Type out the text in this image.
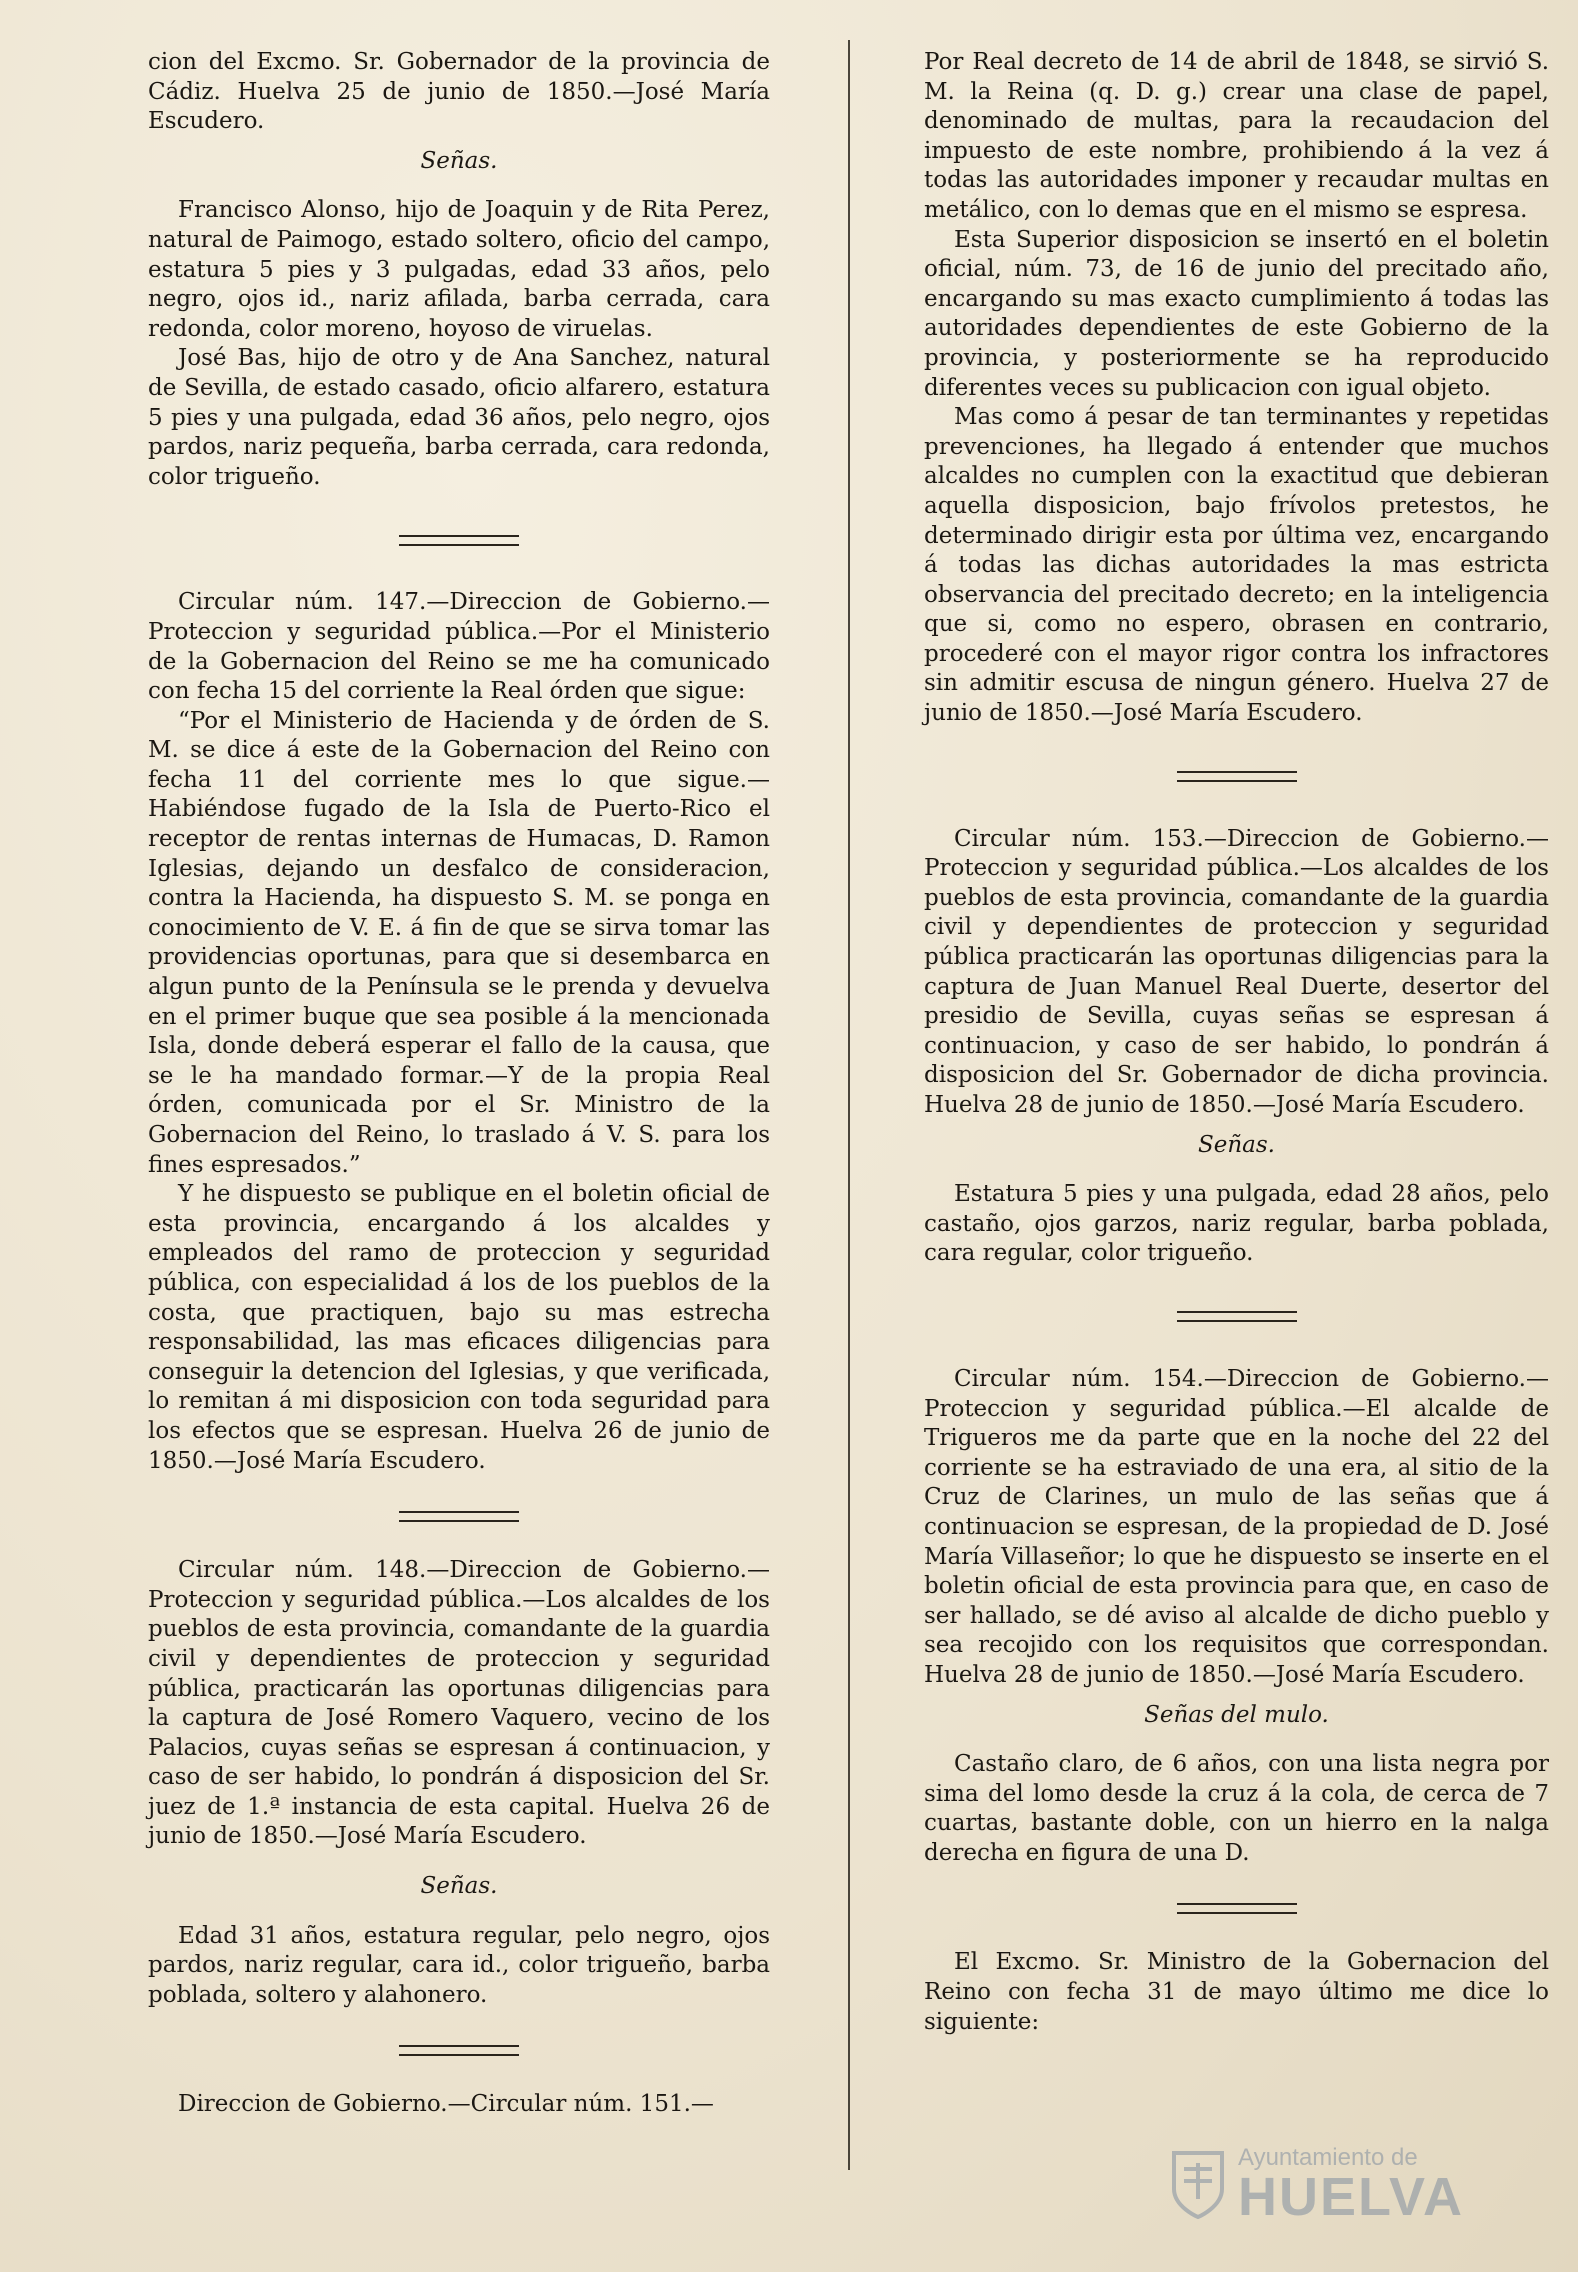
cion del Excmo. Sr. Gobernador de la provincia de Cádiz. Huelva 25 de junio de 1850.—José María Escudero.

Señas.

Francisco Alonso, hijo de Joaquin y de Rita Perez, natural de Paimogo, estado soltero, oficio del campo, estatura 5 pies y 3 pulgadas, edad 33 años, pelo negro, ojos id., nariz afilada, barba cerrada, cara redonda, color moreno, hoyoso de viruelas.

José Bas, hijo de otro y de Ana Sanchez, natural de Sevilla, de estado casado, oficio alfarero, estatura 5 pies y una pulgada, edad 36 años, pelo negro, ojos pardos, nariz pequeña, barba cerrada, cara redonda, color trigueño.

Circular núm. 147.—Direccion de Gobierno.—Proteccion y seguridad pública.—Por el Ministerio de la Gobernacion del Reino se me ha comunicado con fecha 15 del corriente la Real órden que sigue:

“Por el Ministerio de Hacienda y de órden de S. M. se dice á este de la Gobernacion del Reino con fecha 11 del corriente mes lo que sigue.—Habiéndose fugado de la Isla de Puerto-Rico el receptor de rentas internas de Humacas, D. Ramon Iglesias, dejando un desfalco de consideracion, contra la Hacienda, ha dispuesto S. M. se ponga en conocimiento de V. E. á fin de que se sirva tomar las providencias oportunas, para que si desembarca en algun punto de la Península se le prenda y devuelva en el primer buque que sea posible á la mencionada Isla, donde deberá esperar el fallo de la causa, que se le ha mandado formar.—Y de la propia Real órden, comunicada por el Sr. Ministro de la Gobernacion del Reino, lo traslado á V. S. para los fines espresados.”

Y he dispuesto se publique en el boletin oficial de esta provincia, encargando á los alcaldes y empleados del ramo de proteccion y seguridad pública, con especialidad á los de los pueblos de la costa, que practiquen, bajo su mas estrecha responsabilidad, las mas eficaces diligencias para conseguir la detencion del Iglesias, y que verificada, lo remitan á mi disposicion con toda seguridad para los efectos que se espresan. Huelva 26 de junio de 1850.—José María Escudero.

Circular núm. 148.—Direccion de Gobierno.—Proteccion y seguridad pública.—Los alcaldes de los pueblos de esta provincia, comandante de la guardia civil y dependientes de proteccion y seguridad pública, practicarán las oportunas diligencias para la captura de José Romero Vaquero, vecino de los Palacios, cuyas señas se espresan á continuacion, y caso de ser habido, lo pondrán á disposicion del Sr. juez de 1.ª instancia de esta capital. Huelva 26 de junio de 1850.—José María Escudero.

Señas.

Edad 31 años, estatura regular, pelo negro, ojos pardos, nariz regular, cara id., color trigueño, barba poblada, soltero y alahonero.

Direccion de Gobierno.—Circular núm. 151.—

Por Real decreto de 14 de abril de 1848, se sirvió S. M. la Reina (q. D. g.) crear una clase de papel, denominado de multas, para la recaudacion del impuesto de este nombre, prohibiendo á la vez á todas las autoridades imponer y recaudar multas en metálico, con lo demas que en el mismo se espresa.

Esta Superior disposicion se insertó en el boletin oficial, núm. 73, de 16 de junio del precitado año, encargando su mas exacto cumplimiento á todas las autoridades dependientes de este Gobierno de la provincia, y posteriormente se ha reproducido diferentes veces su publicacion con igual objeto.

Mas como á pesar de tan terminantes y repetidas prevenciones, ha llegado á entender que muchos alcaldes no cumplen con la exactitud que debieran aquella disposicion, bajo frívolos pretestos, he determinado dirigir esta por última vez, encargando á todas las dichas autoridades la mas estricta observancia del precitado decreto; en la inteligencia que si, como no espero, obrasen en contrario, procederé con el mayor rigor contra los infractores sin admitir escusa de ningun género. Huelva 27 de junio de 1850.—José María Escudero.

Circular núm. 153.—Direccion de Gobierno.—Proteccion y seguridad pública.—Los alcaldes de los pueblos de esta provincia, comandante de la guardia civil y dependientes de proteccion y seguridad pública practicarán las oportunas diligencias para la captura de Juan Manuel Real Duerte, desertor del presidio de Sevilla, cuyas señas se espresan á continuacion, y caso de ser habido, lo pondrán á disposicion del Sr. Gobernador de dicha provincia. Huelva 28 de junio de 1850.—José María Escudero.

Señas.

Estatura 5 pies y una pulgada, edad 28 años, pelo castaño, ojos garzos, nariz regular, barba poblada, cara regular, color trigueño.

Circular núm. 154.—Direccion de Gobierno.—Proteccion y seguridad pública.—El alcalde de Trigueros me da parte que en la noche del 22 del corriente se ha estraviado de una era, al sitio de la Cruz de Clarines, un mulo de las señas que á continuacion se espresan, de la propiedad de D. José María Villaseñor; lo que he dispuesto se inserte en el boletin oficial de esta provincia para que, en caso de ser hallado, se dé aviso al alcalde de dicho pueblo y sea recojido con los requisitos que correspondan. Huelva 28 de junio de 1850.—José María Escudero.

Señas del mulo.

Castaño claro, de 6 años, con una lista negra por sima del lomo desde la cruz á la cola, de cerca de 7 cuartas, bastante doble, con un hierro en la nalga derecha en figura de una D.

El Excmo. Sr. Ministro de la Gobernacion del Reino con fecha 31 de mayo último me dice lo siguiente:

Ayuntamiento de
HUELVA
